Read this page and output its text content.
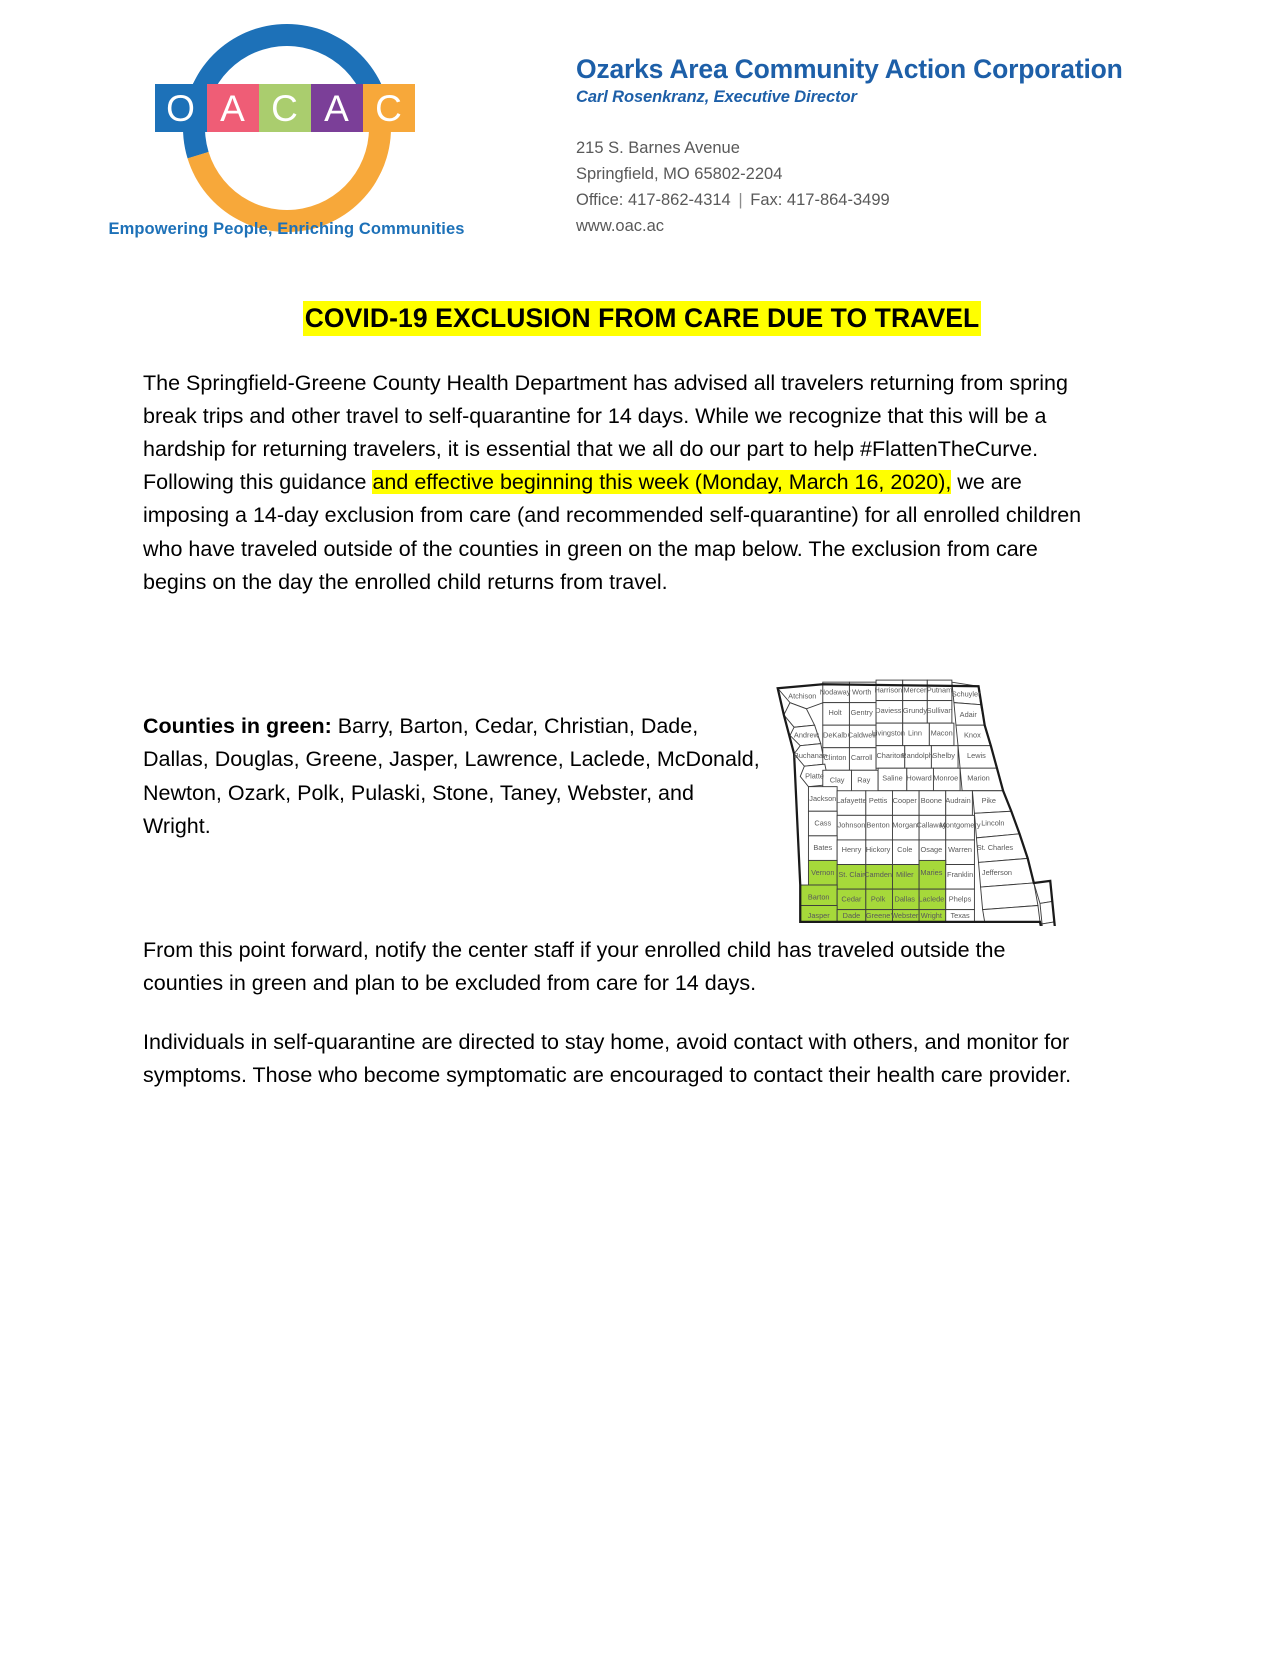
O A C A C
Empowering People, Enriching Communities
Ozarks Area Community Action Corporation
Carl Rosenkranz, Executive Director
215 S. Barnes Avenue
Springfield, MO 65802-2204
Office: 417-862-4314 | Fax: 417-864-3499
www.oac.ac
COVID-19 EXCLUSION FROM CARE DUE TO TRAVEL
The Springfield-Greene County Health Department has advised all travelers returning from spring break trips and other travel to self-quarantine for 14 days. While we recognize that this will be a hardship for returning travelers, it is essential that we all do our part to help #FlattenTheCurve. Following this guidance and effective beginning this week (Monday, March 16, 2020), we are imposing a 14-day exclusion from care (and recommended self-quarantine) for all enrolled children who have traveled outside of the counties in green on the map below. The exclusion from care begins on the day the enrolled child returns from travel.
Counties in green: Barry, Barton, Cedar, Christian, Dade, Dallas, Douglas, Greene, Jasper, Lawrence, Laclede, McDonald, Newton, Ozark, Polk, Pulaski, Stone, Taney, Webster, and Wright.
Atchison Nodaway Worth Harrison Mercer Putnam Schuyler
Holt	Gentry Daviess Grundy Sullivan Adair
Andrew DeKalb Caldwell
Livingston Linn Macon	Knox
Buchanan
Clinton Carroll Chariton
Randolph Shelby	Lewis
Platte Clay	Ray	Saline Howard Monroe	Marion
Jackson Lafayette Pettis Cooper Boone Audrain	Pike
Cass Johnson Benton Morgan Callaway
Montgomery Lincoln
Bates	Henry Hickory Cole Osage Warren St. Charles
Vernon St. Clair Camden Miller Maries Franklin Jefferson
Barton	Cedar	Polk	Dallas Laclede Phelps
Jasper	Dade Greene Webster Wright Texas
From this point forward, notify the center staff if your enrolled child has traveled outside the counties in green and plan to be excluded from care for 14 days.
Individuals in self-quarantine are directed to stay home, avoid contact with others, and monitor for symptoms. Those who become symptomatic are encouraged to contact their health care provider.
